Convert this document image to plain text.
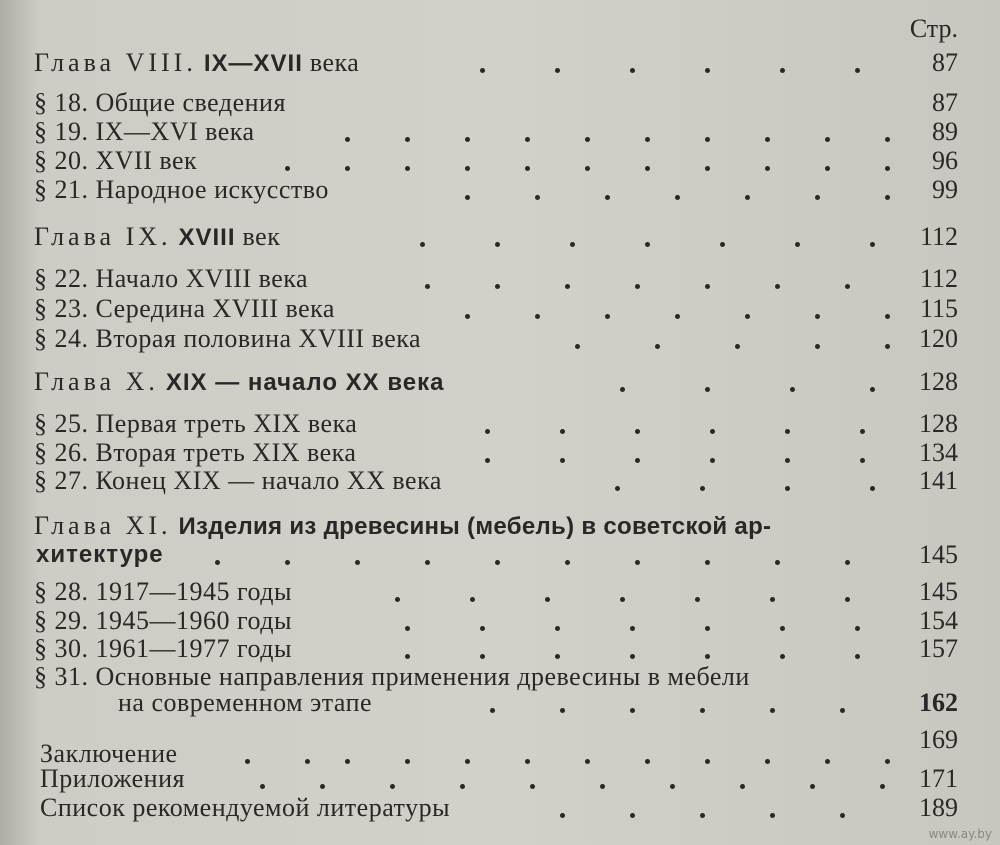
Стр.
Глава VIII. IX—XVII века	87
§ 18. Общие сведения	87
§ 19. IX—XVI века	89
§ 20. XVII век	96
§ 21. Народное искусство	99
Глава IX. XVIII век	112
§ 22. Начало XVIII века	112
§ 23. Середина XVIII века	115
§ 24. Вторая половина XVIII века	120
Глава X. XIX — начало XX века	128
§ 25. Первая треть XIX века	128
§ 26. Вторая треть XIX века	134
§ 27. Конец XIX — начало XX века	141
Глава XI. Изделия из древесины (мебель) в советской ар-
хитектуре	145
§ 28. 1917—1945 годы	145
§ 29. 1945—1960 годы	154
§ 30. 1961—1977 годы	157
§ 31. Основные направления применения древесины в мебели
на современном этапе	162
Заключение	169
Приложения	171
Список рекомендуемой литературы	189
www.ay.by
